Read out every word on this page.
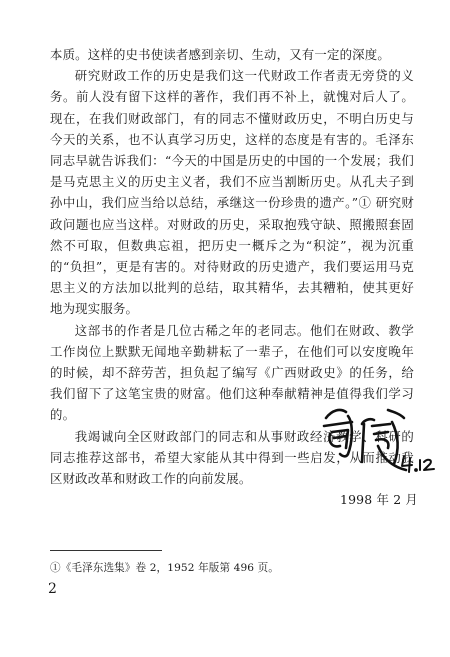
本质。这样的史书使读者感到亲切、生动，又有一定的深度。

研究财政工作的历史是我们这一代财政工作者责无旁贷的义务。前人没有留下这样的著作，我们再不补上，就愧对后人了。现在，在我们财政部门，有的同志不懂财政历史，不明白历史与今天的关系，也不认真学习历史，这样的态度是有害的。毛泽东同志早就告诉我们：“今天的中国是历史的中国的一个发展；我们是马克思主义的历史主义者，我们不应当割断历史。从孔夫子到孙中山，我们应当给以总结，承继这一份珍贵的遗产。”① 研究财政问题也应当这样。对财政的历史，采取抱残守缺、照搬照套固然不可取，但数典忘祖，把历史一概斥之为“积淀”，视为沉重的“负担”，更是有害的。对待财政的历史遗产，我们要运用马克思主义的方法加以批判的总结，取其精华，去其糟粕，使其更好地为现实服务。

这部书的作者是几位古稀之年的老同志。他们在财政、教学工作岗位上默默无闻地辛勤耕耘了一辈子，在他们可以安度晚年的时候，却不辞劳苦，担负起了编写《广西财政史》的任务，给我们留下了这笔宝贵的财富。他们这种奉献精神是值得我们学习的。

我竭诚向全区财政部门的同志和从事财政经济教学、科研的同志推荐这部书，希望大家能从其中得到一些启发，从而推动我区财政改革和财政工作的向前发展。

1998 年 2 月
①《毛泽东选集》卷 2，1952 年版第 496 页。
2
